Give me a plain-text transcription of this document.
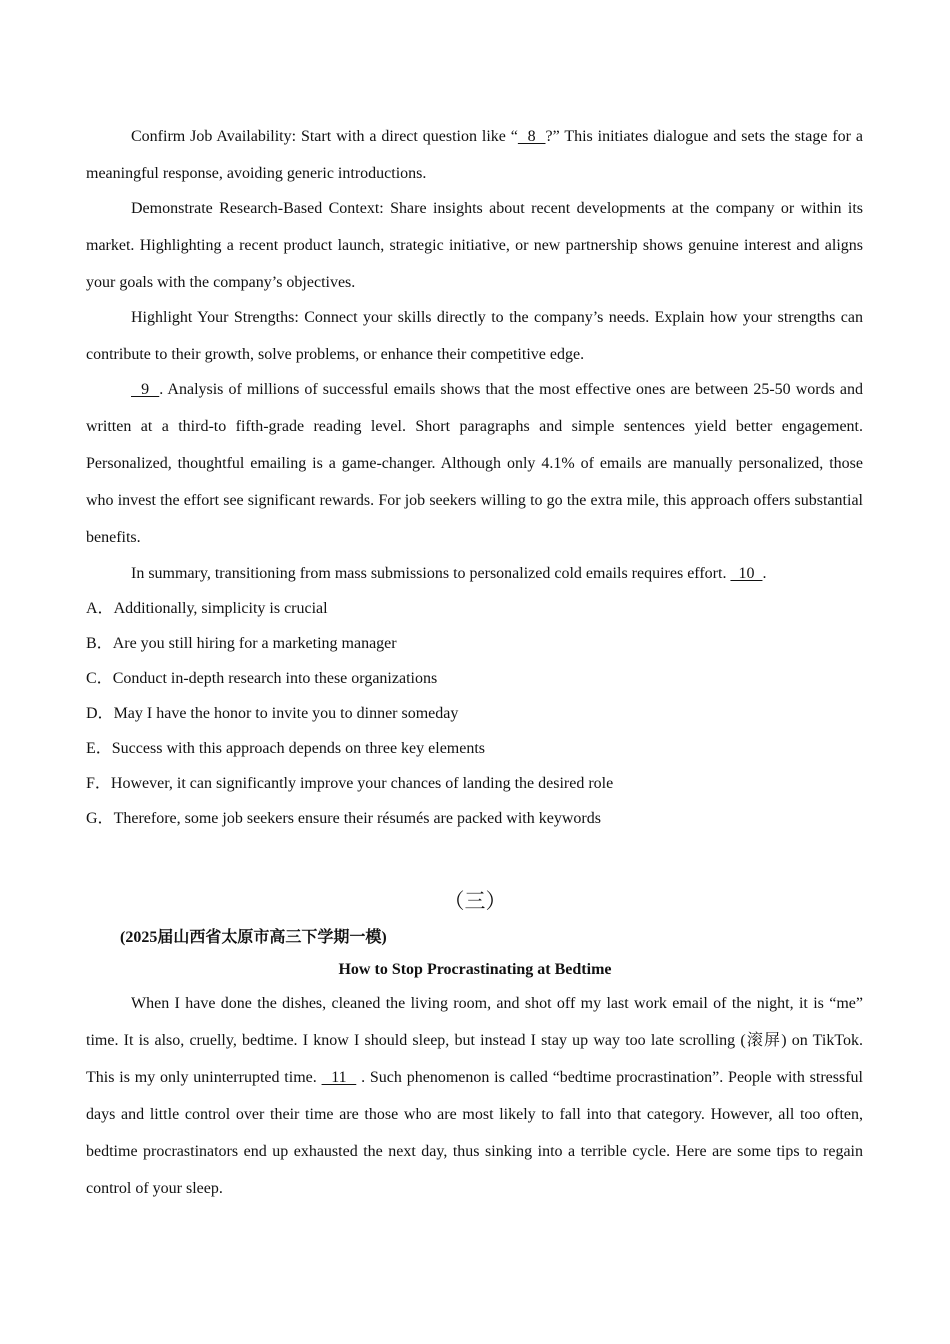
Confirm Job Availability: Start with a direct question like “  8  ?” This initiates dialogue and sets the stage for a meaningful response, avoiding generic introductions.

Demonstrate Research-Based Context: Share insights about recent developments at the company or within its market. Highlighting a recent product launch, strategic initiative, or new partnership shows genuine interest and aligns your goals with the company’s objectives.

Highlight Your Strengths: Connect your skills directly to the company’s needs. Explain how your strengths can contribute to their growth, solve problems, or enhance their competitive edge.

9  . Analysis of millions of successful emails shows that the most effective ones are between 25-50 words and written at a third-to fifth-grade reading level. Short paragraphs and simple sentences yield better engagement. Personalized, thoughtful emailing is a game-changer. Although only 4.1% of emails are manually personalized, those who invest the effort see significant rewards. For job seekers willing to go the extra mile, this approach offers substantial benefits.

In summary, transitioning from mass submissions to personalized cold emails requires effort.   10  .

A．Additionally, simplicity is crucial

B．Are you still hiring for a marketing manager

C．Conduct in-depth research into these organizations

D．May I have the honor to invite you to dinner someday

E．Success with this approach depends on three key elements

F．However, it can significantly improve your chances of landing the desired role

G．Therefore, some job seekers ensure their résumés are packed with keywords

（三）
(2025届山西省太原市高三下学期一模)
How to Stop Procrastinating at Bedtime

When I have done the dishes, cleaned the living room, and shot off my last work email of the night, it is “me” time. It is also, cruelly, bedtime. I know I should sleep, but instead I stay up way too late scrolling (滚屏) on TikTok. This is my only uninterrupted time.   11   . Such phenomenon is called “bedtime procrastination”. People with stressful days and little control over their time are those who are most likely to fall into that category. However, all too often, bedtime procrastinators end up exhausted the next day, thus sinking into a terrible cycle. Here are some tips to regain control of your sleep.
